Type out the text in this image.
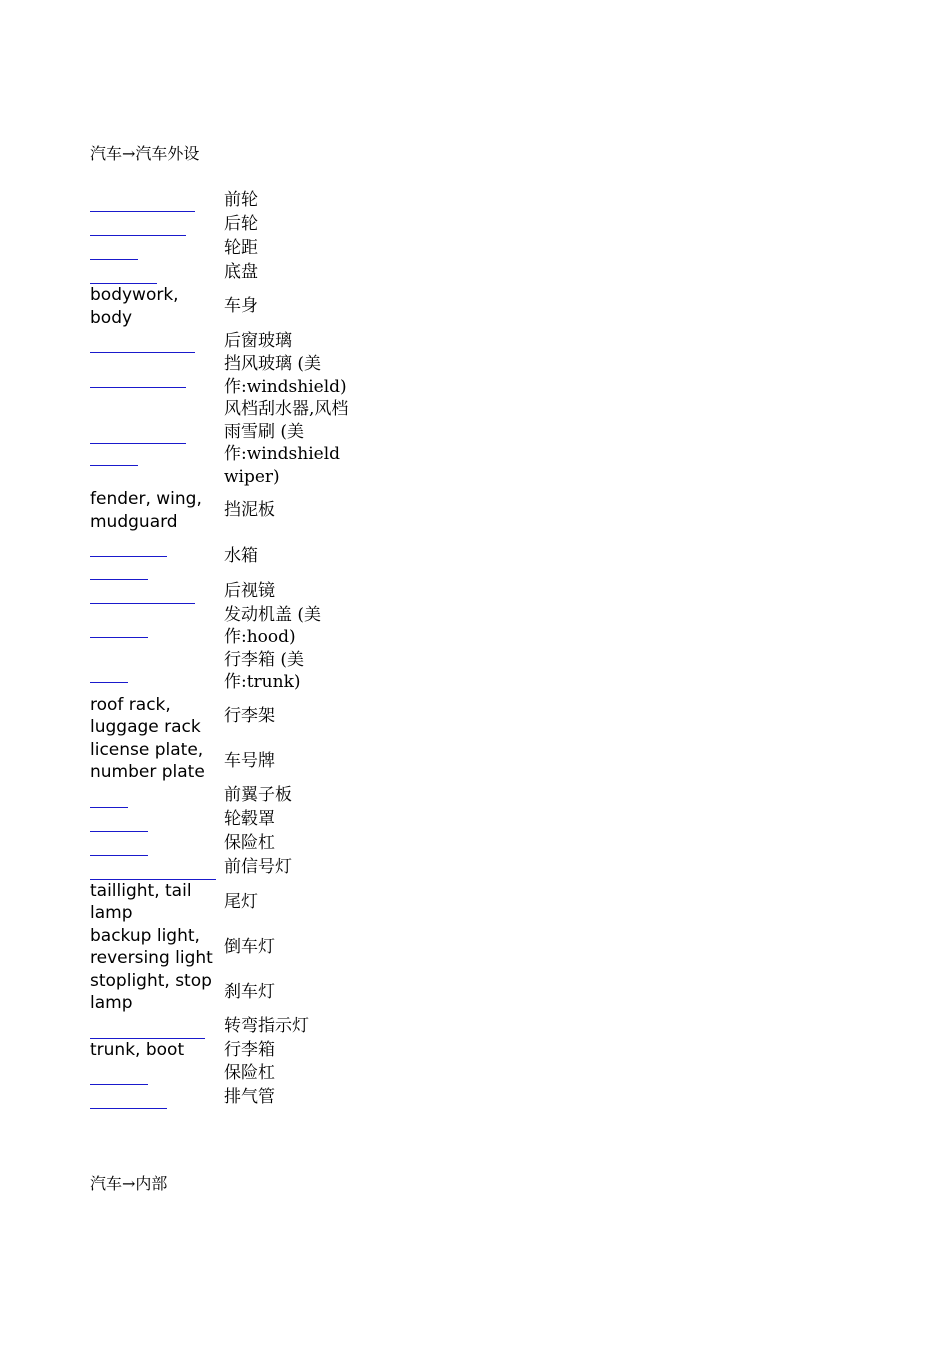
汽车→汽车外设
	前轮
	后轮
	轮距
	底盘
bodywork, body	车身
	后窗玻璃
	挡风玻璃 (美作:windshield)

	风档刮水器,风档雨雪刷 (美作:windshield wiper)
fender, wing, mudguard	挡泥板

	水箱
	后视镜
	发动机盖 (美作:hood)
	行李箱 (美作:trunk)
roof rack, luggage rack	行李架
license plate, number plate	车号牌
	前翼子板
	轮毂罩
	保险杠
	前信号灯
taillight, tail lamp	尾灯
backup light, reversing light	倒车灯
stoplight, stop lamp	刹车灯
	转弯指示灯
trunk, boot	行李箱
	保险杠
	排气管
汽车→内部
